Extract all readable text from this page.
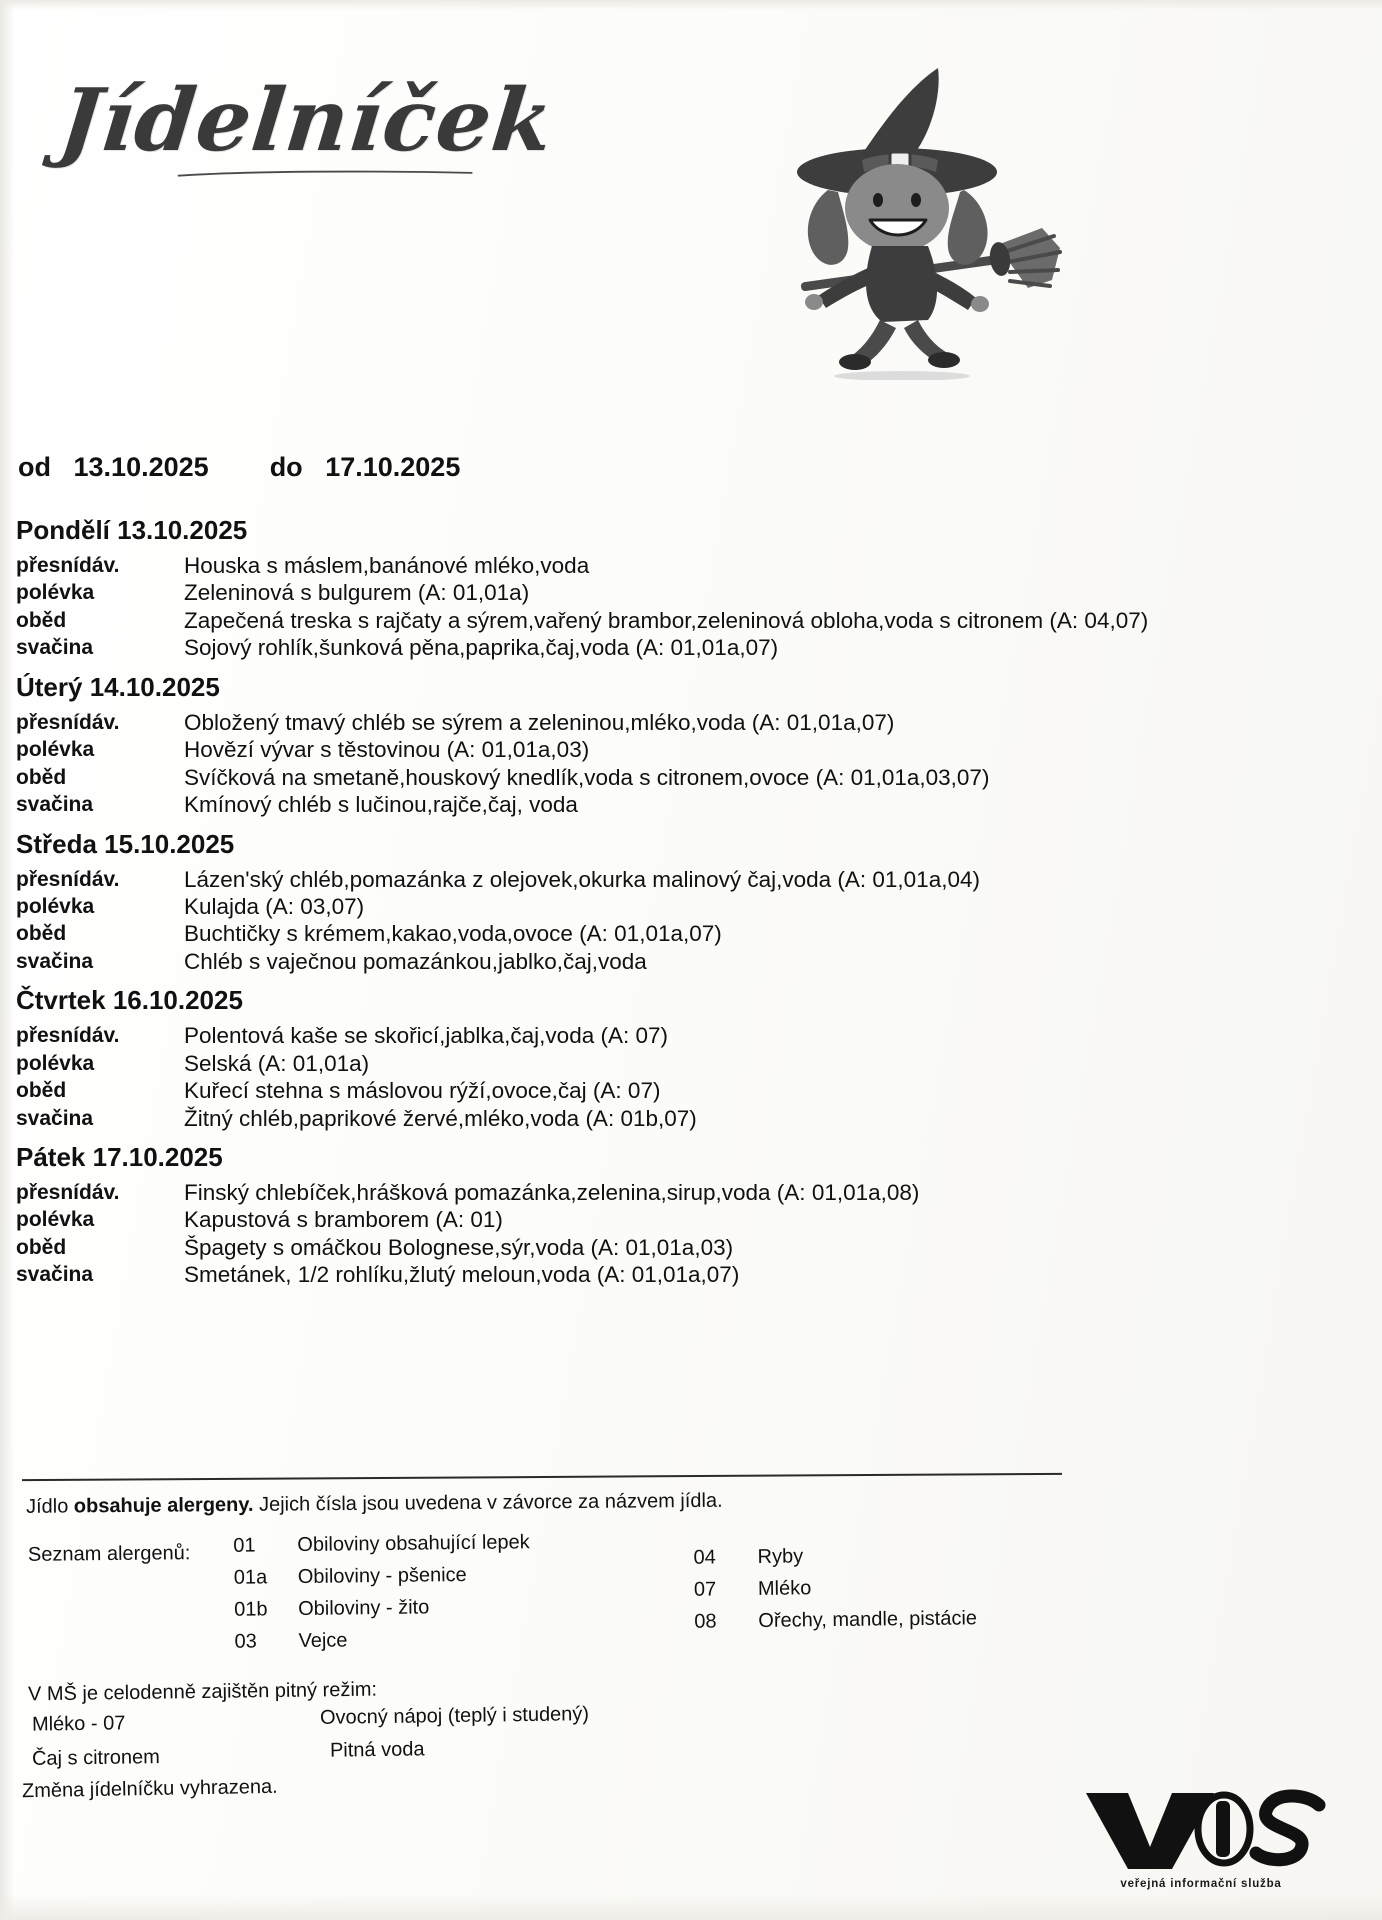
Jídelníček
od 13.10.2025 do 17.10.2025
Pondělí 13.10.2025
přesnídáv.	Houska s máslem,banánové mléko,voda
polévka	Zeleninová s bulgurem (A: 01,01a)
oběd	Zapečená treska s rajčaty a sýrem,vařený brambor,zeleninová obloha,voda s citronem (A: 04,07)
svačina	Sojový rohlík,šunková pěna,paprika,čaj,voda (A: 01,01a,07)
Úterý 14.10.2025
přesnídáv.	Obložený tmavý chléb se sýrem a zeleninou,mléko,voda (A: 01,01a,07)
polévka	Hovězí vývar s těstovinou (A: 01,01a,03)
oběd	Svíčková na smetaně,houskový knedlík,voda s citronem,ovoce (A: 01,01a,03,07)
svačina	Kmínový chléb s lučinou,rajče,čaj, voda
Středa 15.10.2025
přesnídáv.	Lázen'ský chléb,pomazánka z olejovek,okurka malinový čaj,voda (A: 01,01a,04)
polévka	Kulajda (A: 03,07)
oběd	Buchtičky s krémem,kakao,voda,ovoce (A: 01,01a,07)
svačina	Chléb s vaječnou pomazánkou,jablko,čaj,voda
Čtvrtek 16.10.2025
přesnídáv.	Polentová kaše se skořicí,jablka,čaj,voda (A: 07)
polévka	Selská (A: 01,01a)
oběd	Kuřecí stehna s máslovou rýží,ovoce,čaj (A: 07)
svačina	Žitný chléb,paprikové žervé,mléko,voda (A: 01b,07)
Pátek 17.10.2025
přesnídáv.	Finský chlebíček,hrášková pomazánka,zelenina,sirup,voda (A: 01,01a,08)
polévka	Kapustová s bramborem (A: 01)
oběd	Špagety s omáčkou Bolognese,sýr,voda (A: 01,01a,03)
svačina	Smetánek, 1/2 rohlíku,žlutý meloun,voda (A: 01,01a,07)
Jídlo obsahuje alergeny. Jejich čísla jsou uvedena v závorce za názvem jídla.
Seznam alergenů: 01	Obiloviny obsahující lepek
01a	Obiloviny - pšenice
01b	Obiloviny - žito
03	Vejce
04	Ryby
07	Mléko
08	Ořechy, mandle, pistácie
V MŠ je celodenně zajištěn pitný režim:
Mléko - 07
Čaj s citronem
Ovocný nápoj (teplý i studený)
Pitná voda
Změna jídelníčku vyhrazena.
veřejná informační služba
